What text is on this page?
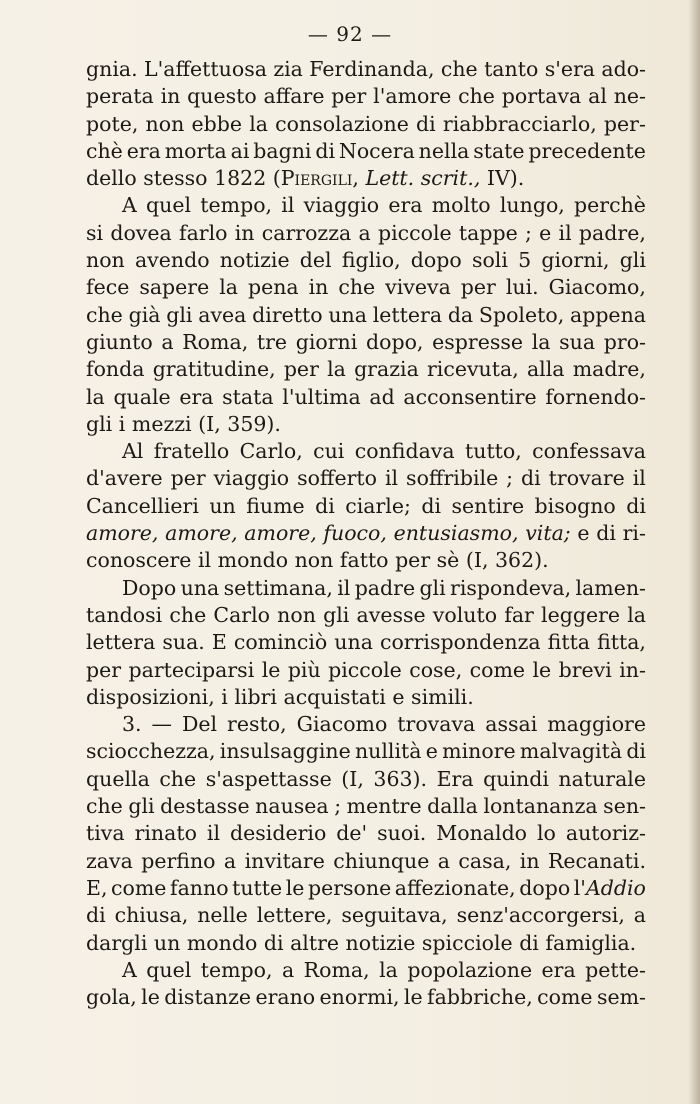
— 92 —
gnia. L'affettuosa zia Ferdinanda, che tanto s'era ado-
perata in questo affare per l'amore che portava al ne-
pote, non ebbe la consolazione di riabbracciarlo, per-
chè era morta ai bagni di Nocera nella state precedente
dello
stesso
1822
(Piergili,
Lett.
scrit.,
IV).
A quel tempo, il viaggio era molto lungo, perchè
si dovea farlo in carrozza a piccole tappe ; e il padre,
non avendo notizie del figlio, dopo soli 5 giorni, gli
fece sapere la pena in che viveva per lui. Giacomo,
che già gli avea diretto una lettera da Spoleto, appena
giunto a Roma, tre giorni dopo, espresse la sua pro-
fonda gratitudine, per la grazia ricevuta, alla madre,
la quale era stata l'ultima ad acconsentire fornendo-
gli
i
mezzi
(I,
359).
Al fratello Carlo, cui confidava tutto, confessava
d'avere per viaggio sofferto il soffribile ; di trovare il
Cancellieri un fiume di ciarle; di sentire bisogno di
amore, amore, amore, fuoco, entusiasmo, vita; e di ri-
conoscere
il
mondo
non
fatto
per
sè
(I,
362).
Dopo una settimana, il padre gli rispondeva, lamen-
tandosi che Carlo non gli avesse voluto far leggere la
lettera sua. E cominciò una corrispondenza fitta fitta,
per parteciparsi le più piccole cose, come le brevi in-
disposizioni,
i
libri
acquistati
e
simili.
3. — Del resto, Giacomo trovava assai maggiore
sciocchezza, insulsaggine nullità e minore malvagità di
quella che s'aspettasse (I, 363). Era quindi naturale
che gli destasse nausea ; mentre dalla lontananza sen-
tiva rinato il desiderio de' suoi. Monaldo lo autoriz-
zava perfino a invitare chiunque a casa, in Recanati.
E, come fanno tutte le persone affezionate, dopo l'Addio
di chiusa, nelle lettere, seguitava, senz'accorgersi, a
dargli
un
mondo
di
altre
notizie
spicciole
di
famiglia.
A quel tempo, a Roma, la popolazione era pette-
gola, le distanze erano enormi, le fabbriche, come sem-
